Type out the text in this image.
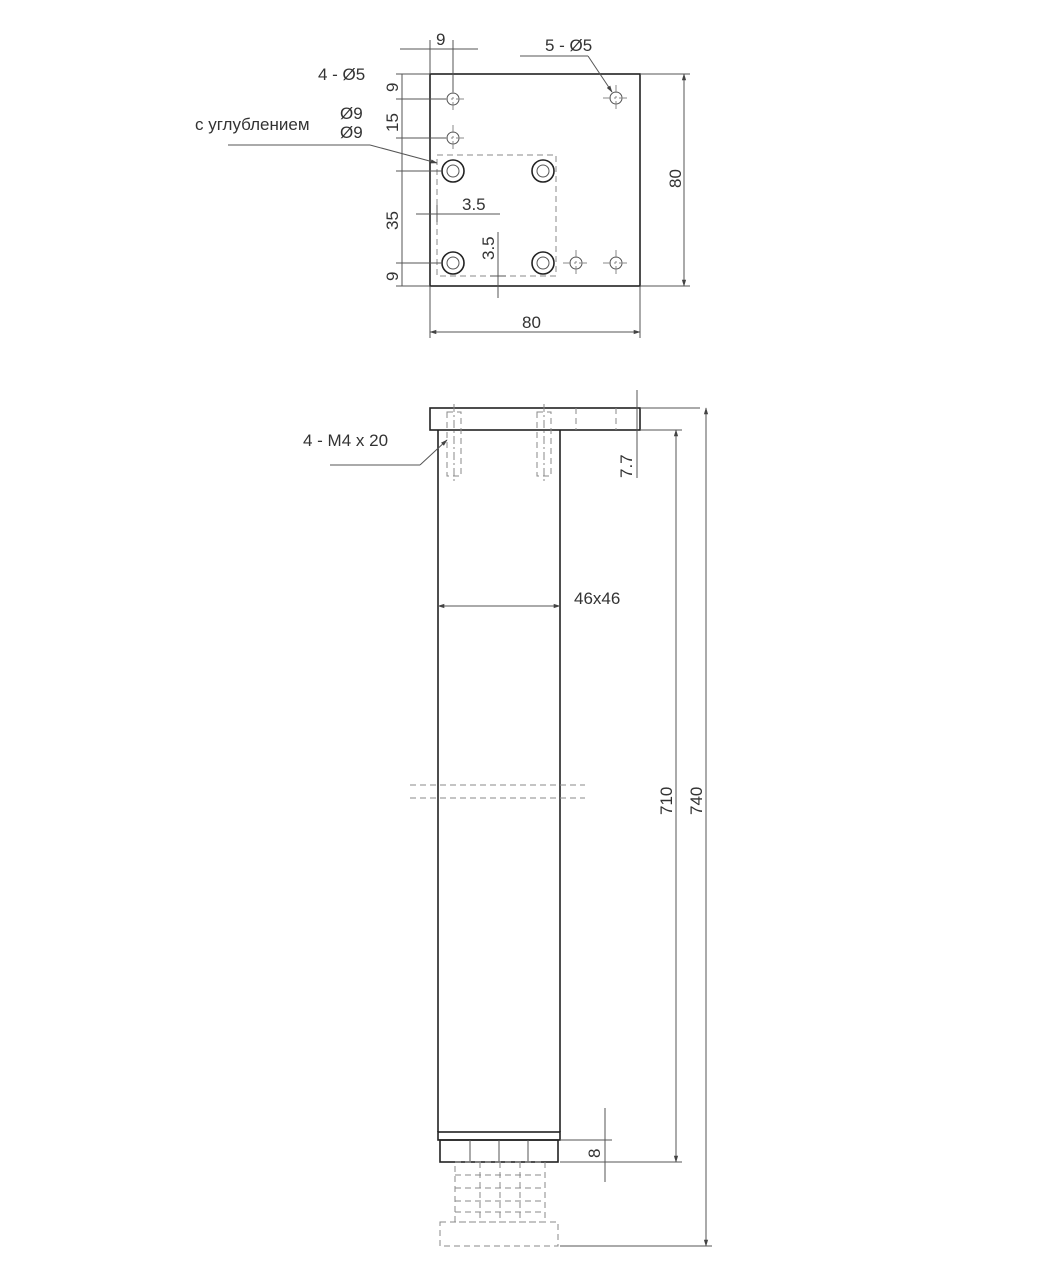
9	5 - Ø5
4 - Ø5
9
15
35
9
с углублением
Ø9
Ø9
3.5
3.5
80
80
4 - M4 x 20
7.7
46x46
710 740
8
